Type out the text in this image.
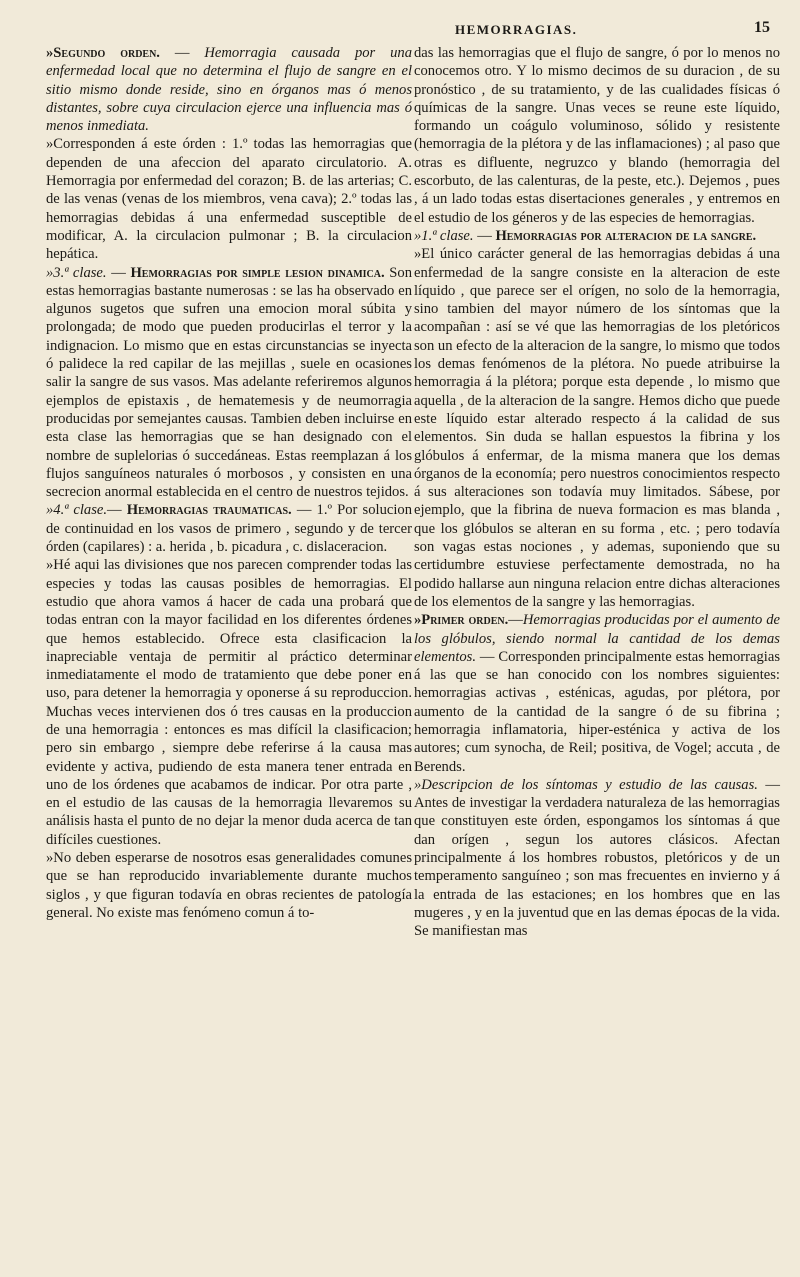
HEMORRAGIAS.	15

»Segundo orden. — Hemorragia causada por una enfermedad local que no determina el flujo de sangre en el sitio mismo donde reside, sino en órganos mas ó menos distantes, sobre cuya circulacion ejerce una influencia mas ó menos inmediata.

»Corresponden á este órden : 1.º todas las hemorragias que dependen de una afeccion del aparato circulatorio. A. Hemorragia por enfermedad del corazon; B. de las arterias; C. de las venas (venas de los miembros, vena cava); 2.º todas las hemorragias debidas á una enfermedad susceptible de modificar, A. la circulacion pulmonar ; B. la circulacion hepática.

»3.ª clase. — Hemorragias por simple lesion dinamica. Son estas hemorragias bastante numerosas : se las ha observado en algunos sugetos que sufren una emocion moral súbita y prolongada; de modo que pueden producirlas el terror y la indignacion. Lo mismo que en estas circunstancias se inyecta ó palidece la red capilar de las mejillas , suele en ocasiones salir la sangre de sus vasos. Mas adelante referiremos algunos ejemplos de epistaxis , de hematemesis y de neumorragia producidas por semejantes causas. Tambien deben incluirse en esta clase las hemorragias que se han designado con el nombre de suplelorias ó succedáneas. Estas reemplazan á los flujos sanguíneos naturales ó morbosos , y consisten en una secrecion anormal establecida en el centro de nuestros tejidos.

»4.ª clase.— Hemorragias traumaticas. — 1.º Por solucion de continuidad en los vasos de primero , segundo y de tercer órden (capilares) : a. herida , b. picadura , c. dislaceracion.

»Hé aqui las divisiones que nos parecen comprender todas las especies y todas las causas posibles de hemorragias. El estudio que ahora vamos á hacer de cada una probará que todas entran con la mayor facilidad en los diferentes órdenes que hemos establecido. Ofrece esta clasificacion la inapreciable ventaja de permitir al práctico determinar inmediatamente el modo de tratamiento que debe poner en uso, para detener la hemorragia y oponerse á su reproduccion. Muchas veces intervienen dos ó tres causas en la produccion de una hemorragia : entonces es mas difícil la clasificacion; pero sin embargo , siempre debe referirse á la causa mas evidente y activa, pudiendo de esta manera tener entrada en uno de los órdenes que acabamos de indicar. Por otra parte , en el estudio de las causas de la hemorragia llevaremos su análisis hasta el punto de no dejar la menor duda acerca de tan difíciles cuestiones.

»No deben esperarse de nosotros esas generalidades comunes que se han reproducido invariablemente durante muchos siglos , y que figuran todavía en obras recientes de patología general. No existe mas fenómeno comun á to-

das las hemorragias que el flujo de sangre, ó por lo menos no conocemos otro. Y lo mismo decimos de su duracion , de su pronóstico , de su tratamiento, y de las cualidades físicas ó químicas de la sangre. Unas veces se reune este líquido, formando un coágulo voluminoso, sólido y resistente (hemorragia de la plétora y de las inflamaciones) ; al paso que otras es difluente, negruzco y blando (hemorragia del escorbuto, de las calenturas, de la peste, etc.). Dejemos , pues , á un lado todas estas disertaciones generales , y entremos en el estudio de los géneros y de las especies de hemorragias.

»1.ª clase. — Hemorragias por alteracion de la sangre.

»El único carácter general de las hemorragias debidas á una enfermedad de la sangre consiste en la alteracion de este líquido , que parece ser el orígen, no solo de la hemorragia, sino tambien del mayor número de los síntomas que la acompañan : así se vé que las hemorragias de los pletóricos son un efecto de la alteracion de la sangre, lo mismo que todos los demas fenómenos de la plétora. No puede atribuirse la hemorragia á la plétora; porque esta depende , lo mismo que aquella , de la alteracion de la sangre. Hemos dicho que puede este líquido estar alterado respecto á la calidad de sus elementos. Sin duda se hallan espuestos la fibrina y los glóbulos á enfermar, de la misma manera que los demas órganos de la economía; pero nuestros conocimientos respecto á sus alteraciones son todavía muy limitados. Sábese, por ejemplo, que la fibrina de nueva formacion es mas blanda , que los glóbulos se alteran en su forma , etc. ; pero todavía son vagas estas nociones , y ademas, suponiendo que su certidumbre estuviese perfectamente demostrada, no ha podido hallarse aun ninguna relacion entre dichas alteraciones de los elementos de la sangre y las hemorragias.

»Primer orden.—Hemorragias producidas por el aumento de los glóbulos, siendo normal la cantidad de los demas elementos. — Corresponden principalmente estas hemorragias á las que se han conocido con los nombres siguientes: hemorragias activas , esténicas, agudas, por plétora, por aumento de la cantidad de la sangre ó de su fibrina ; hemorragia inflamatoria, hiper-esténica y activa de los autores; cum synocha, de Reil; positiva, de Vogel; accuta , de Berends.

»Descripcion de los síntomas y estudio de las causas. — Antes de investigar la verdadera naturaleza de las hemorragias que constituyen este órden, espongamos los síntomas á que dan orígen , segun los autores clásicos. Afectan principalmente á los hombres robustos, pletóricos y de un temperamento sanguíneo ; son mas frecuentes en invierno y á la entrada de las estaciones; en los hombres que en las mugeres , y en la juventud que en las demas épocas de la vida. Se manifiestan mas
